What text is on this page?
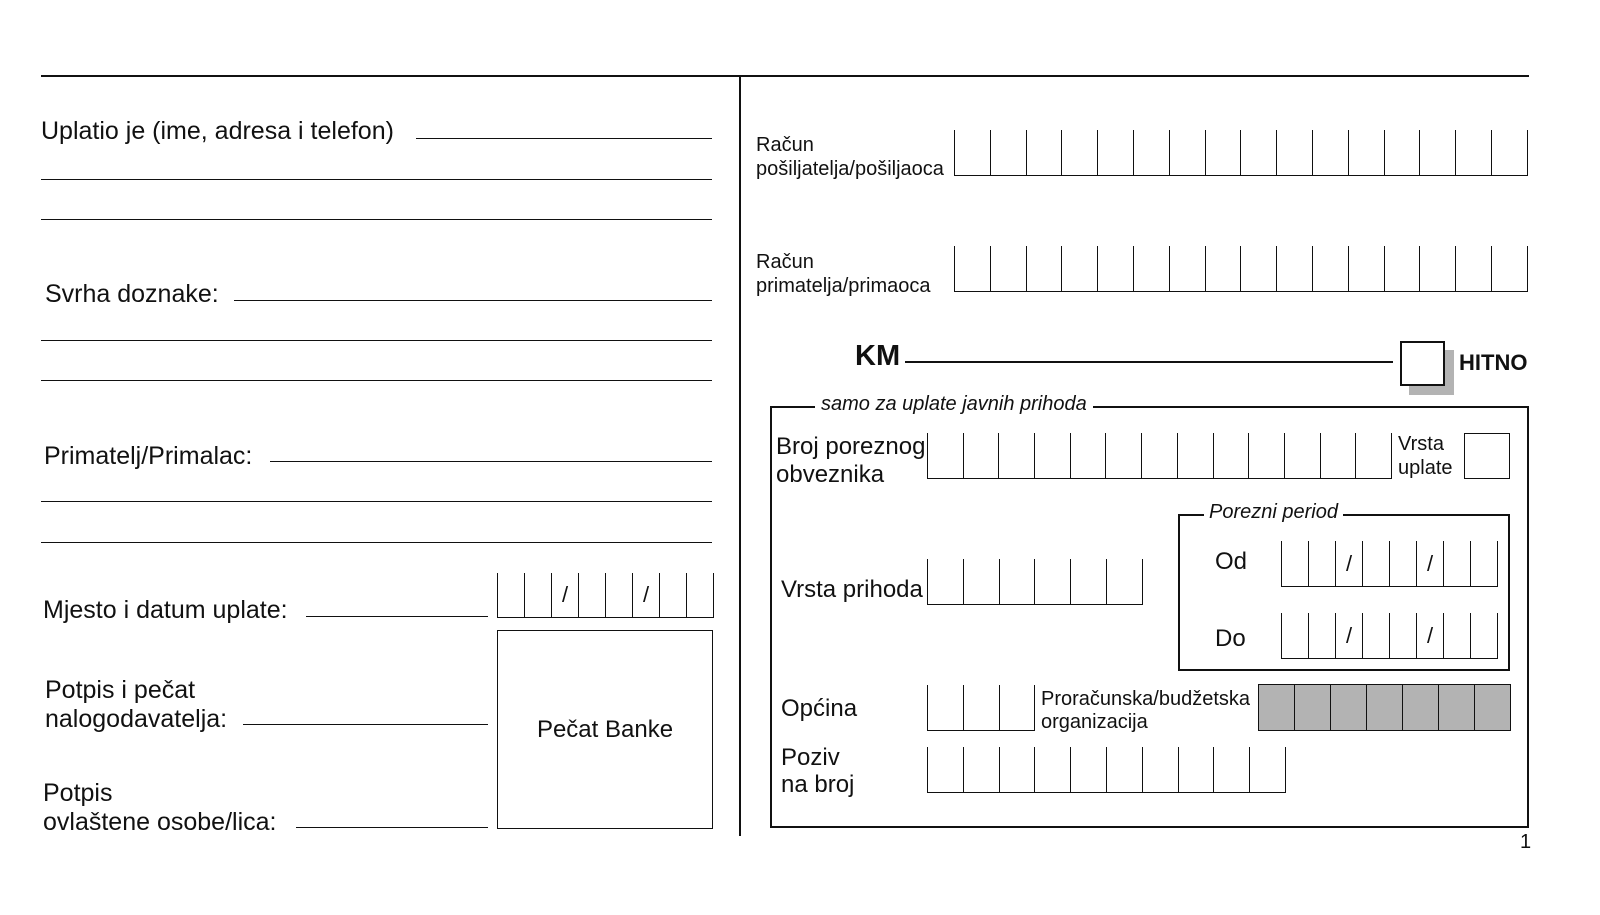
Uplatio je (ime, adresa i telefon)
Svrha doznake:
Primatelj/Primalac:
Mjesto i datum uplate:
/	/
Potpis i pečat
nalogodavatelja:
Potpis
ovlaštene osobe/lica:
Pečat Banke
Račun
pošiljatelja/pošiljaoca
Račun
primatelja/primaoca
KM	HITNO
samo za uplate javnih prihoda
Broj poreznog
obveznika
Vrsta
uplate
Porezni period
Od	/	/
Do	/	/
Vrsta prihoda
Općina	Proračunska/budžetska
organizacija
Poziv
na broj
1
